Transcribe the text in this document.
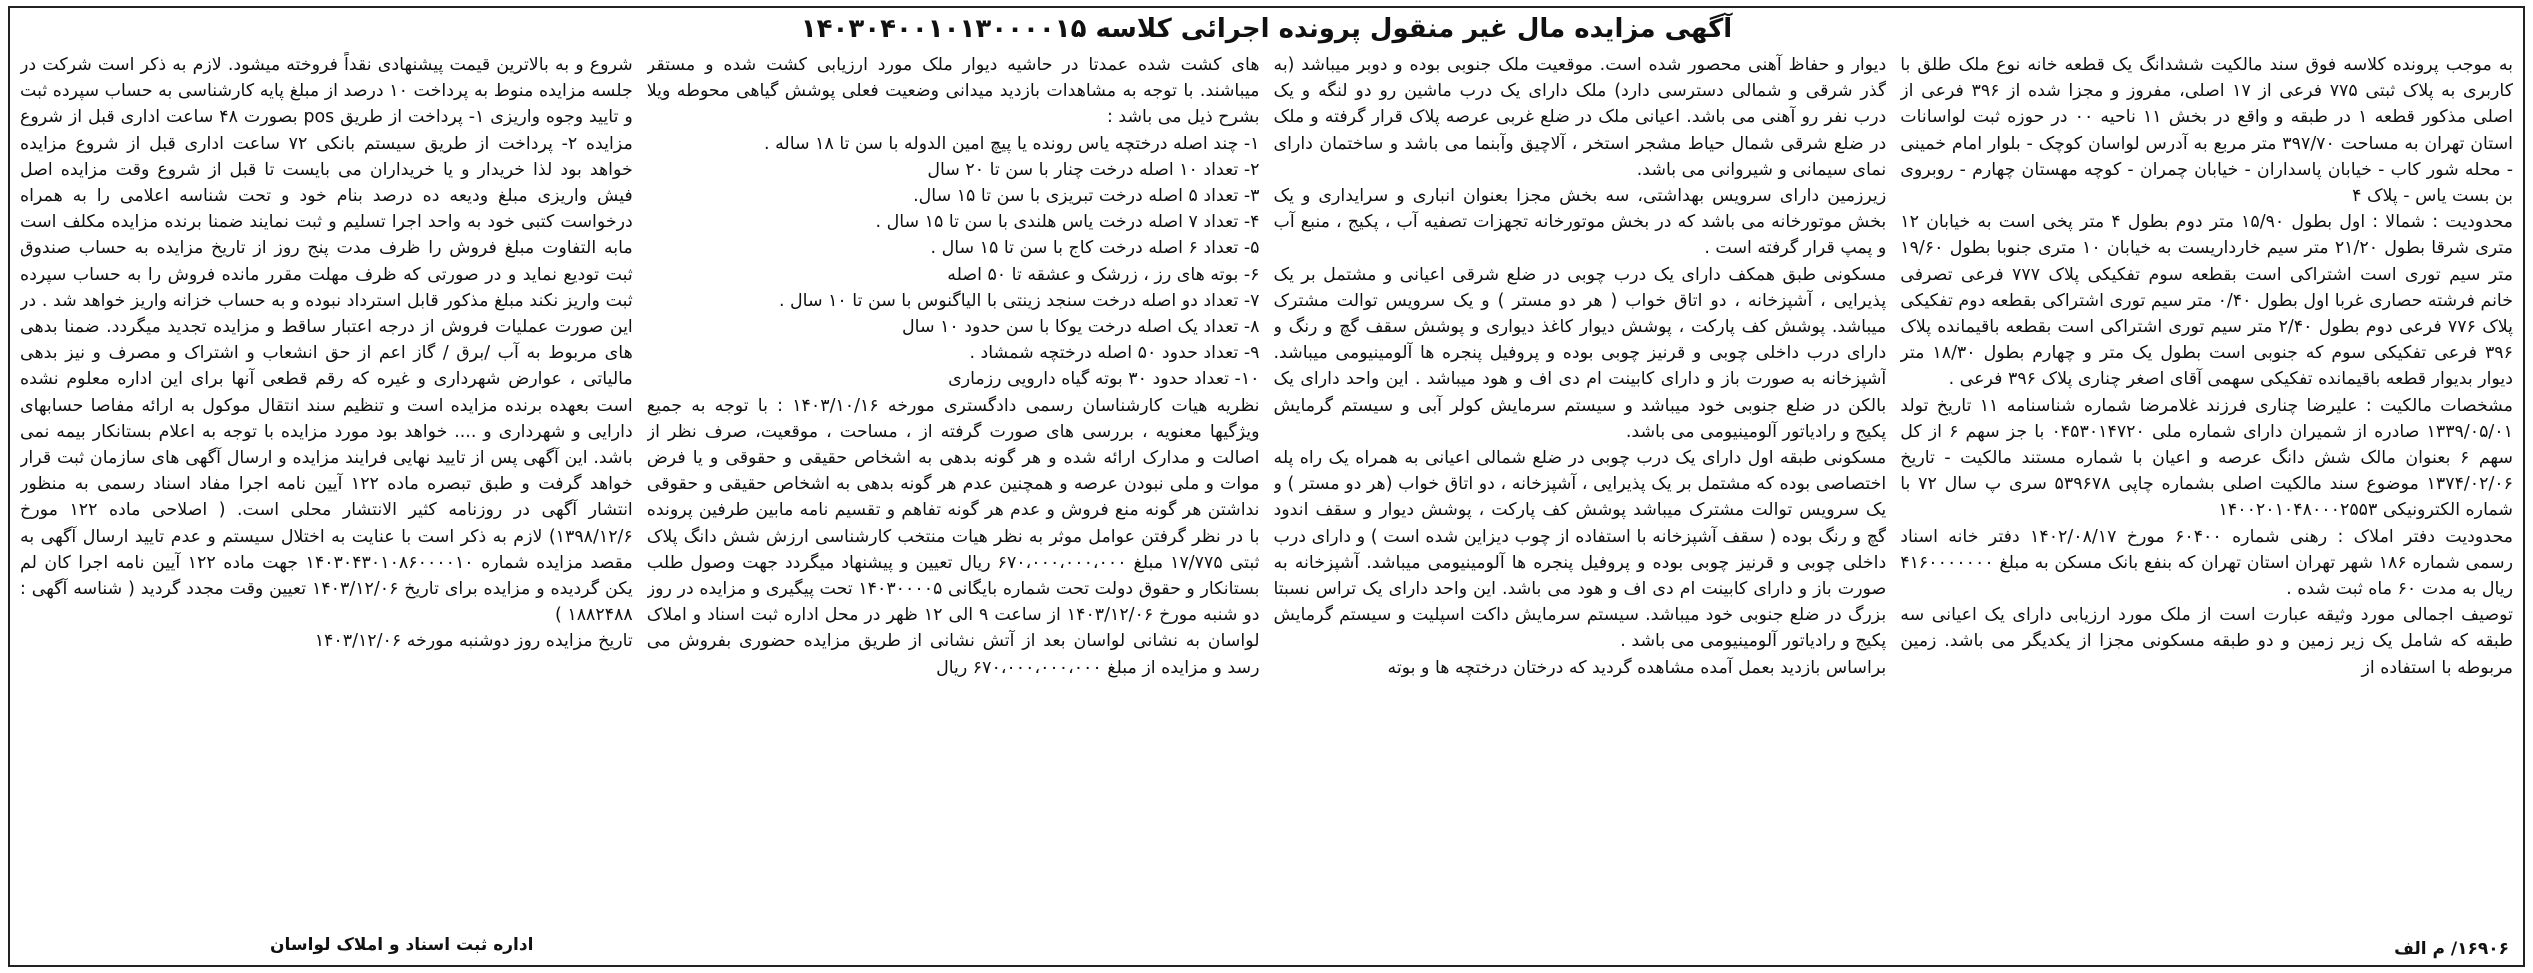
آگهی مزایده مال غیر منقول پرونده اجرائی کلاسه ۱۴۰۳۰۴۰۰۱۰۱۳۰۰۰۰۱۵

به موجب پرونده کلاسه فوق سند مالکیت ششدانگ یک قطعه خانه نوع ملک طلق با کاربری به پلاک ثبتی ۷۷۵ فرعی از ۱۷ اصلی، مفروز و مجزا شده از ۳۹۶ فرعی از اصلی مذکور قطعه ۱ در طبقه و واقع در بخش ۱۱ ناحیه ۰۰ در حوزه ثبت لواسانات استان تهران به مساحت ۳۹۷/۷۰ متر مربع به آدرس لواسان کوچک - بلوار امام خمینی - محله شور کاب - خیابان پاسداران - خیابان چمران - کوچه مهستان چهارم - روبروی بن بست یاس - پلاک ۴

محدودیت : شمالا : اول بطول ۱۵/۹۰ متر دوم بطول ۴ متر پخی است به خیابان ۱۲ متری شرقا بطول ۲۱/۲۰ متر سیم خارداریست به خیابان ۱۰ متری جنوبا بطول ۱۹/۶۰ متر سیم توری است اشتراکی است بقطعه سوم تفکیکی پلاک ۷۷۷ فرعی تصرفی خانم فرشته حصاری غربا اول بطول ۰/۴۰ متر سیم توری اشتراکی بقطعه دوم تفکیکی پلاک ۷۷۶ فرعی دوم بطول ۲/۴۰ متر سیم توری اشتراکی است بقطعه باقیمانده پلاک ۳۹۶ فرعی تفکیکی سوم که جنوبی است بطول یک متر و چهارم بطول ۱۸/۳۰ متر دیوار بدیوار قطعه باقیمانده تفکیکی سهمی آقای اصغر چناری پلاک ۳۹۶ فرعی .

مشخصات مالکیت : علیرضا چناری فرزند غلامرضا شماره شناسنامه ۱۱ تاریخ تولد ۱۳۳۹/۰۵/۰۱ صادره از شمیران دارای شماره ملی ۰۴۵۳۰۱۴۷۲۰ با جز سهم ۶ از کل سهم ۶ بعنوان مالک شش دانگ عرصه و اعیان با شماره مستند مالکیت - تاریخ ۱۳۷۴/۰۲/۰۶ موضوع سند مالکیت اصلی بشماره چاپی ۵۳۹۶۷۸ سری پ سال ۷۲ با شماره الکترونیکی ۱۴۰۰۲۰۱۰۴۸۰۰۰۲۵۵۳

محدودیت دفتر املاک : رهنی شماره ۶۰۴۰۰ مورخ ۱۴۰۲/۰۸/۱۷ دفتر خانه اسناد رسمی شماره ۱۸۶ شهر تهران استان تهران که بنفع بانک مسکن به مبلغ ۴۱۶۰۰۰۰۰۰۰ ریال به مدت ۶۰ ماه ثبت شده .

توصیف اجمالی مورد وثیقه عبارت است از ملک مورد ارزیابی دارای یک اعیانی سه طبقه که شامل یک زیر زمین و دو طبقه مسکونی مجزا از یکدیگر می باشد. زمین مربوطه با استفاده از

دیوار و حفاظ آهنی محصور شده است. موقعیت ملک جنوبی بوده و دوبر میباشد (به گذر شرقی و شمالی دسترسی دارد) ملک دارای یک درب ماشین رو دو لنگه و یک درب نفر رو آهنی می باشد. اعیانی ملک در ضلع غربی عرصه پلاک قرار گرفته و ملک در ضلع شرقی شمال حیاط مشجر استخر ، آلاچیق وآبنما می باشد و ساختمان دارای نمای سیمانی و شیروانی می باشد.

زیرزمین دارای سرویس بهداشتی، سه بخش مجزا بعنوان انباری و سرایداری و یک بخش موتورخانه می باشد که در بخش موتورخانه تجهزات تصفیه آب ، پکیج ، منبع آب و پمپ قرار گرفته است .

مسکونی طبق همکف دارای یک درب چوبی در ضلع شرقی اعیانی و مشتمل بر یک پذیرایی ، آشپزخانه ، دو اتاق خواب ( هر دو مستر ) و یک سرویس توالت مشترک میباشد. پوشش کف پارکت ، پوشش دیوار کاغذ دیواری و پوشش سقف گچ و رنگ و دارای درب داخلی چوبی و قرنیز چوبی بوده و پروفیل پنجره ها آلومینیومی میباشد. آشپزخانه به صورت باز و دارای کابینت ام دی اف و هود میباشد . این واحد دارای یک بالکن در ضلع جنوبی خود میباشد و سیستم سرمایش کولر آبی و سیستم گرمایش پکیج و رادیاتور آلومینیومی می باشد.

مسکونی طبقه اول دارای یک درب چوبی در ضلع شمالی اعیانی به همراه یک راه پله اختصاصی بوده که مشتمل بر یک پذیرایی ، آشپزخانه ، دو اتاق خواب (هر دو مستر ) و یک سرویس توالت مشترک میباشد پوشش کف پارکت ، پوشش دیوار و سقف اندود گچ و رنگ بوده ( سقف آشپزخانه با استفاده از چوب دیزاین شده است ) و دارای درب داخلی چوبی و قرنیز چوبی بوده و پروفیل پنجره ها آلومینیومی میباشد. آشپزخانه به صورت باز و دارای کابینت ام دی اف و هود می باشد. این واحد دارای یک تراس نسبتا بزرگ در ضلع جنوبی خود میباشد. سیستم سرمایش داکت اسپلیت و سیستم گرمایش پکیج و رادیاتور آلومینیومی می باشد .

براساس بازدید بعمل آمده مشاهده گردید که درختان درختچه ها و بوته

های کشت شده عمدتا در حاشیه دیوار ملک مورد ارزیابی کشت شده و مستقر میباشند. با توجه به مشاهدات بازدید میدانی وضعیت فعلی پوشش گیاهی محوطه ویلا بشرح ذیل می باشد :

۱- چند اصله درختچه یاس رونده یا پیچ امین الدوله با سن تا ۱۸ ساله .

۲- تعداد ۱۰ اصله درخت چنار با سن تا ۲۰ سال

۳- تعداد ۵ اصله درخت تبریزی با سن تا ۱۵ سال.

۴- تعداد ۷ اصله درخت یاس هلندی با سن تا ۱۵ سال .

۵- تعداد ۶ اصله درخت کاج با سن تا ۱۵ سال .

۶- بوته های رز ، زرشک و عشقه تا ۵۰ اصله

۷- تعداد دو اصله درخت سنجد زینتی با الیاگنوس با سن تا ۱۰ سال .

۸- تعداد یک اصله درخت یوکا با سن حدود ۱۰ سال

۹- تعداد حدود ۵۰ اصله درختچه شمشاد .

۱۰- تعداد حدود ۳۰ بوته گیاه دارویی رزماری

نظریه هیات کارشناسان رسمی دادگستری مورخه ۱۴۰۳/۱۰/۱۶ : با توجه به جمیع ویژگیها معنویه ، بررسی های صورت گرفته از ، مساحت ، موقعیت، صرف نظر از اصالت و مدارک ارائه شده و هر گونه بدهی به اشخاص حقیقی و حقوقی و یا فرض موات و ملی نبودن عرصه و همچنین عدم هر گونه بدهی به اشخاص حقیقی و حقوقی نداشتن هر گونه منع فروش و عدم هر گونه تفاهم و تقسیم نامه مابین طرفین پرونده با در نظر گرفتن عوامل موثر به نظر هیات منتخب کارشناسی ارزش شش دانگ پلاک ثبتی ۱۷/۷۷۵ مبلغ ۶۷۰،۰۰۰،۰۰۰،۰۰۰ ریال تعیین و پیشنهاد میگردد جهت وصول طلب بستانکار و حقوق دولت تحت شماره بایگانی ۱۴۰۳۰۰۰۰۵ تحت پیگیری و مزایده در روز دو شنبه مورخ ۱۴۰۳/۱۲/۰۶ از ساعت ۹ الی ۱۲ ظهر در محل اداره ثبت اسناد و املاک لواسان به نشانی لواسان بعد از آتش نشانی از طریق مزایده حضوری بفروش می رسد و مزایده از مبلغ ۶۷۰،۰۰۰،۰۰۰،۰۰۰ ریال

شروع و به بالاترین قیمت پیشنهادی نقداً فروخته میشود. لازم به ذکر است شرکت در جلسه مزایده منوط به پرداخت ۱۰ درصد از مبلغ پایه کارشناسی به حساب سپرده ثبت و تایید وجوه واریزی ۱- پرداخت از طریق pos بصورت ۴۸ ساعت اداری قبل از شروع مزایده ۲- پرداخت از طریق سیستم بانکی ۷۲ ساعت اداری قبل از شروع مزایده خواهد بود لذا خریدار و یا خریداران می بایست تا قبل از شروع وقت مزایده اصل فیش واریزی مبلغ ودیعه ده درصد بنام خود و تحت شناسه اعلامی را به همراه درخواست کتبی خود به واحد اجرا تسلیم و ثبت نمایند ضمنا برنده مزایده مکلف است مابه التفاوت مبلغ فروش را ظرف مدت پنج روز از تاریخ مزایده به حساب صندوق ثبت تودیع نماید و در صورتی که ظرف مهلت مقرر مانده فروش را به حساب سپرده ثبت واریز نکند مبلغ مذکور قابل استرداد نبوده و به حساب خزانه واریز خواهد شد . در این صورت عملیات فروش از درجه اعتبار ساقط و مزایده تجدید میگردد. ضمنا بدهی های مربوط به آب /برق / گاز اعم از حق انشعاب و اشتراک و مصرف و نیز بدهی مالیاتی ، عوارض شهرداری و غیره که رقم قطعی آنها برای این اداره معلوم نشده است بعهده برنده مزایده است و تنظیم سند انتقال موکول به ارائه مفاصا حسابهای دارایی و شهرداری و .... خواهد بود مورد مزایده با توجه به اعلام بستانکار بیمه نمی باشد. این آگهی پس از تایید نهایی فرایند مزایده و ارسال آگهی های سازمان ثبت قرار خواهد گرفت و طبق تبصره ماده ۱۲۲ آیین نامه اجرا مفاد اسناد رسمی به منظور انتشار آگهی در روزنامه کثیر الانتشار محلی است. ( اصلاحی ماده ۱۲۲ مورخ ۱۳۹۸/۱۲/۶) لازم به ذکر است با عنایت به اختلال سیستم و عدم تایید ارسال آگهی به مقصد مزایده شماره ۱۴۰۳۰۴۳۰۱۰۸۶۰۰۰۰۱۰ جهت ماده ۱۲۲ آیین نامه اجرا کان لم یکن گردیده و مزایده برای تاریخ ۱۴۰۳/۱۲/۰۶ تعیین وقت مجدد گردید ( شناسه آگهی : ۱۸۸۲۴۸۸ )

تاریخ مزایده روز دوشنبه مورخه ۱۴۰۳/۱۲/۰۶

۱۶۹۰۶/ م الف
اداره ثبت اسناد و املاک لواسان
